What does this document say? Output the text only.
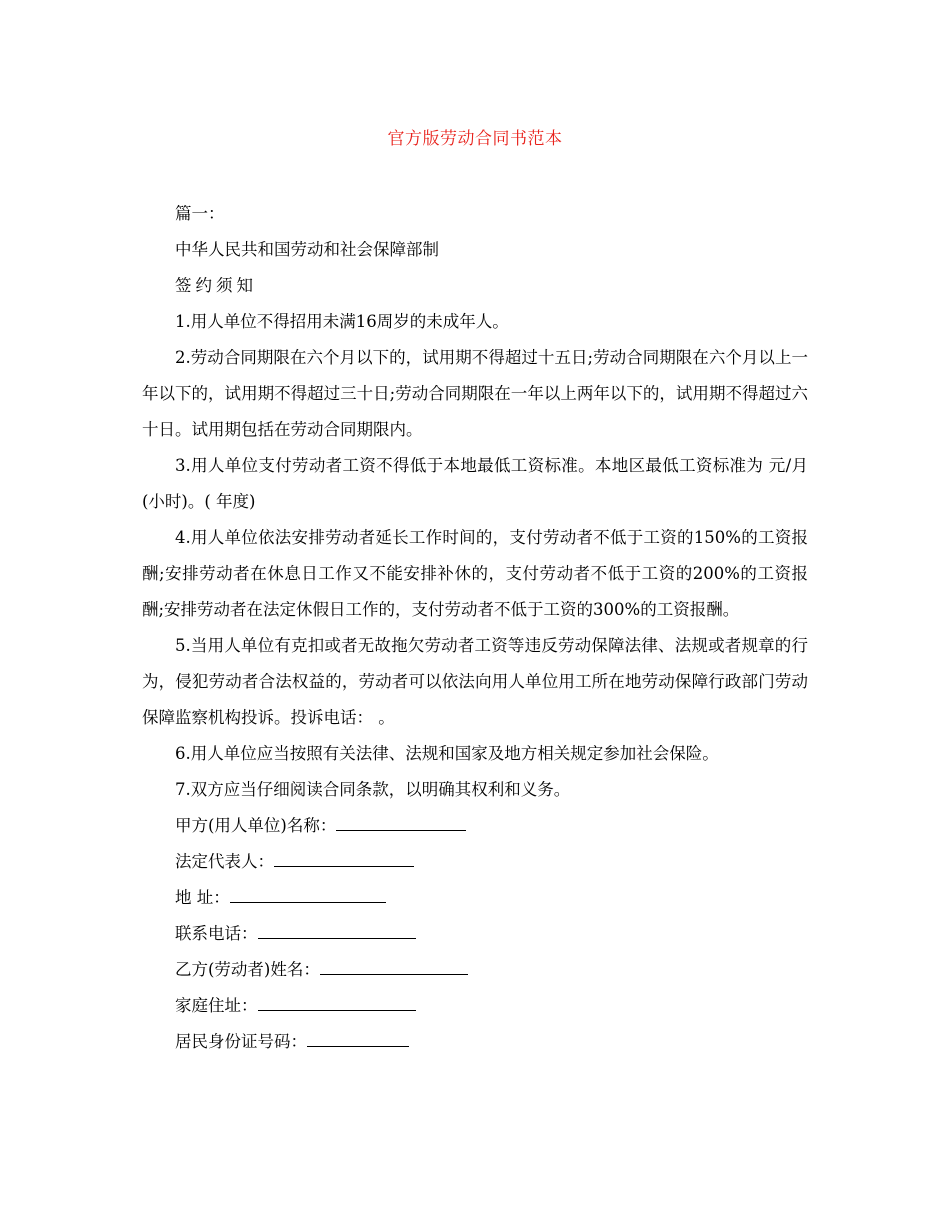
官方版劳动合同书范本

篇一：

中华人民共和国劳动和社会保障部制

签约须知

1.用人单位不得招用未满16周岁的未成年人。

2.劳动合同期限在六个月以下的，试用期不得超过十五日;劳动合同期限在六个月以上一年以下的，试用期不得超过三十日;劳动合同期限在一年以上两年以下的，试用期不得超过六十日。试用期包括在劳动合同期限内。

3.用人单位支付劳动者工资不得低于本地最低工资标准。本地区最低工资标准为 元/月(小时)。( 年度)

4.用人单位依法安排劳动者延长工作时间的，支付劳动者不低于工资的150%的工资报酬;安排劳动者在休息日工作又不能安排补休的，支付劳动者不低于工资的200%的工资报酬;安排劳动者在法定休假日工作的，支付劳动者不低于工资的300%的工资报酬。

5.当用人单位有克扣或者无故拖欠劳动者工资等违反劳动保障法律、法规或者规章的行为，侵犯劳动者合法权益的，劳动者可以依法向用人单位用工所在地劳动保障行政部门劳动保障监察机构投诉。投诉电话： 。

6.用人单位应当按照有关法律、法规和国家及地方相关规定参加社会保险。

7.双方应当仔细阅读合同条款，以明确其权利和义务。

甲方(用人单位)名称：

法定代表人：

地 址：

联系电话：

乙方(劳动者)姓名：

家庭住址：

居民身份证号码：
